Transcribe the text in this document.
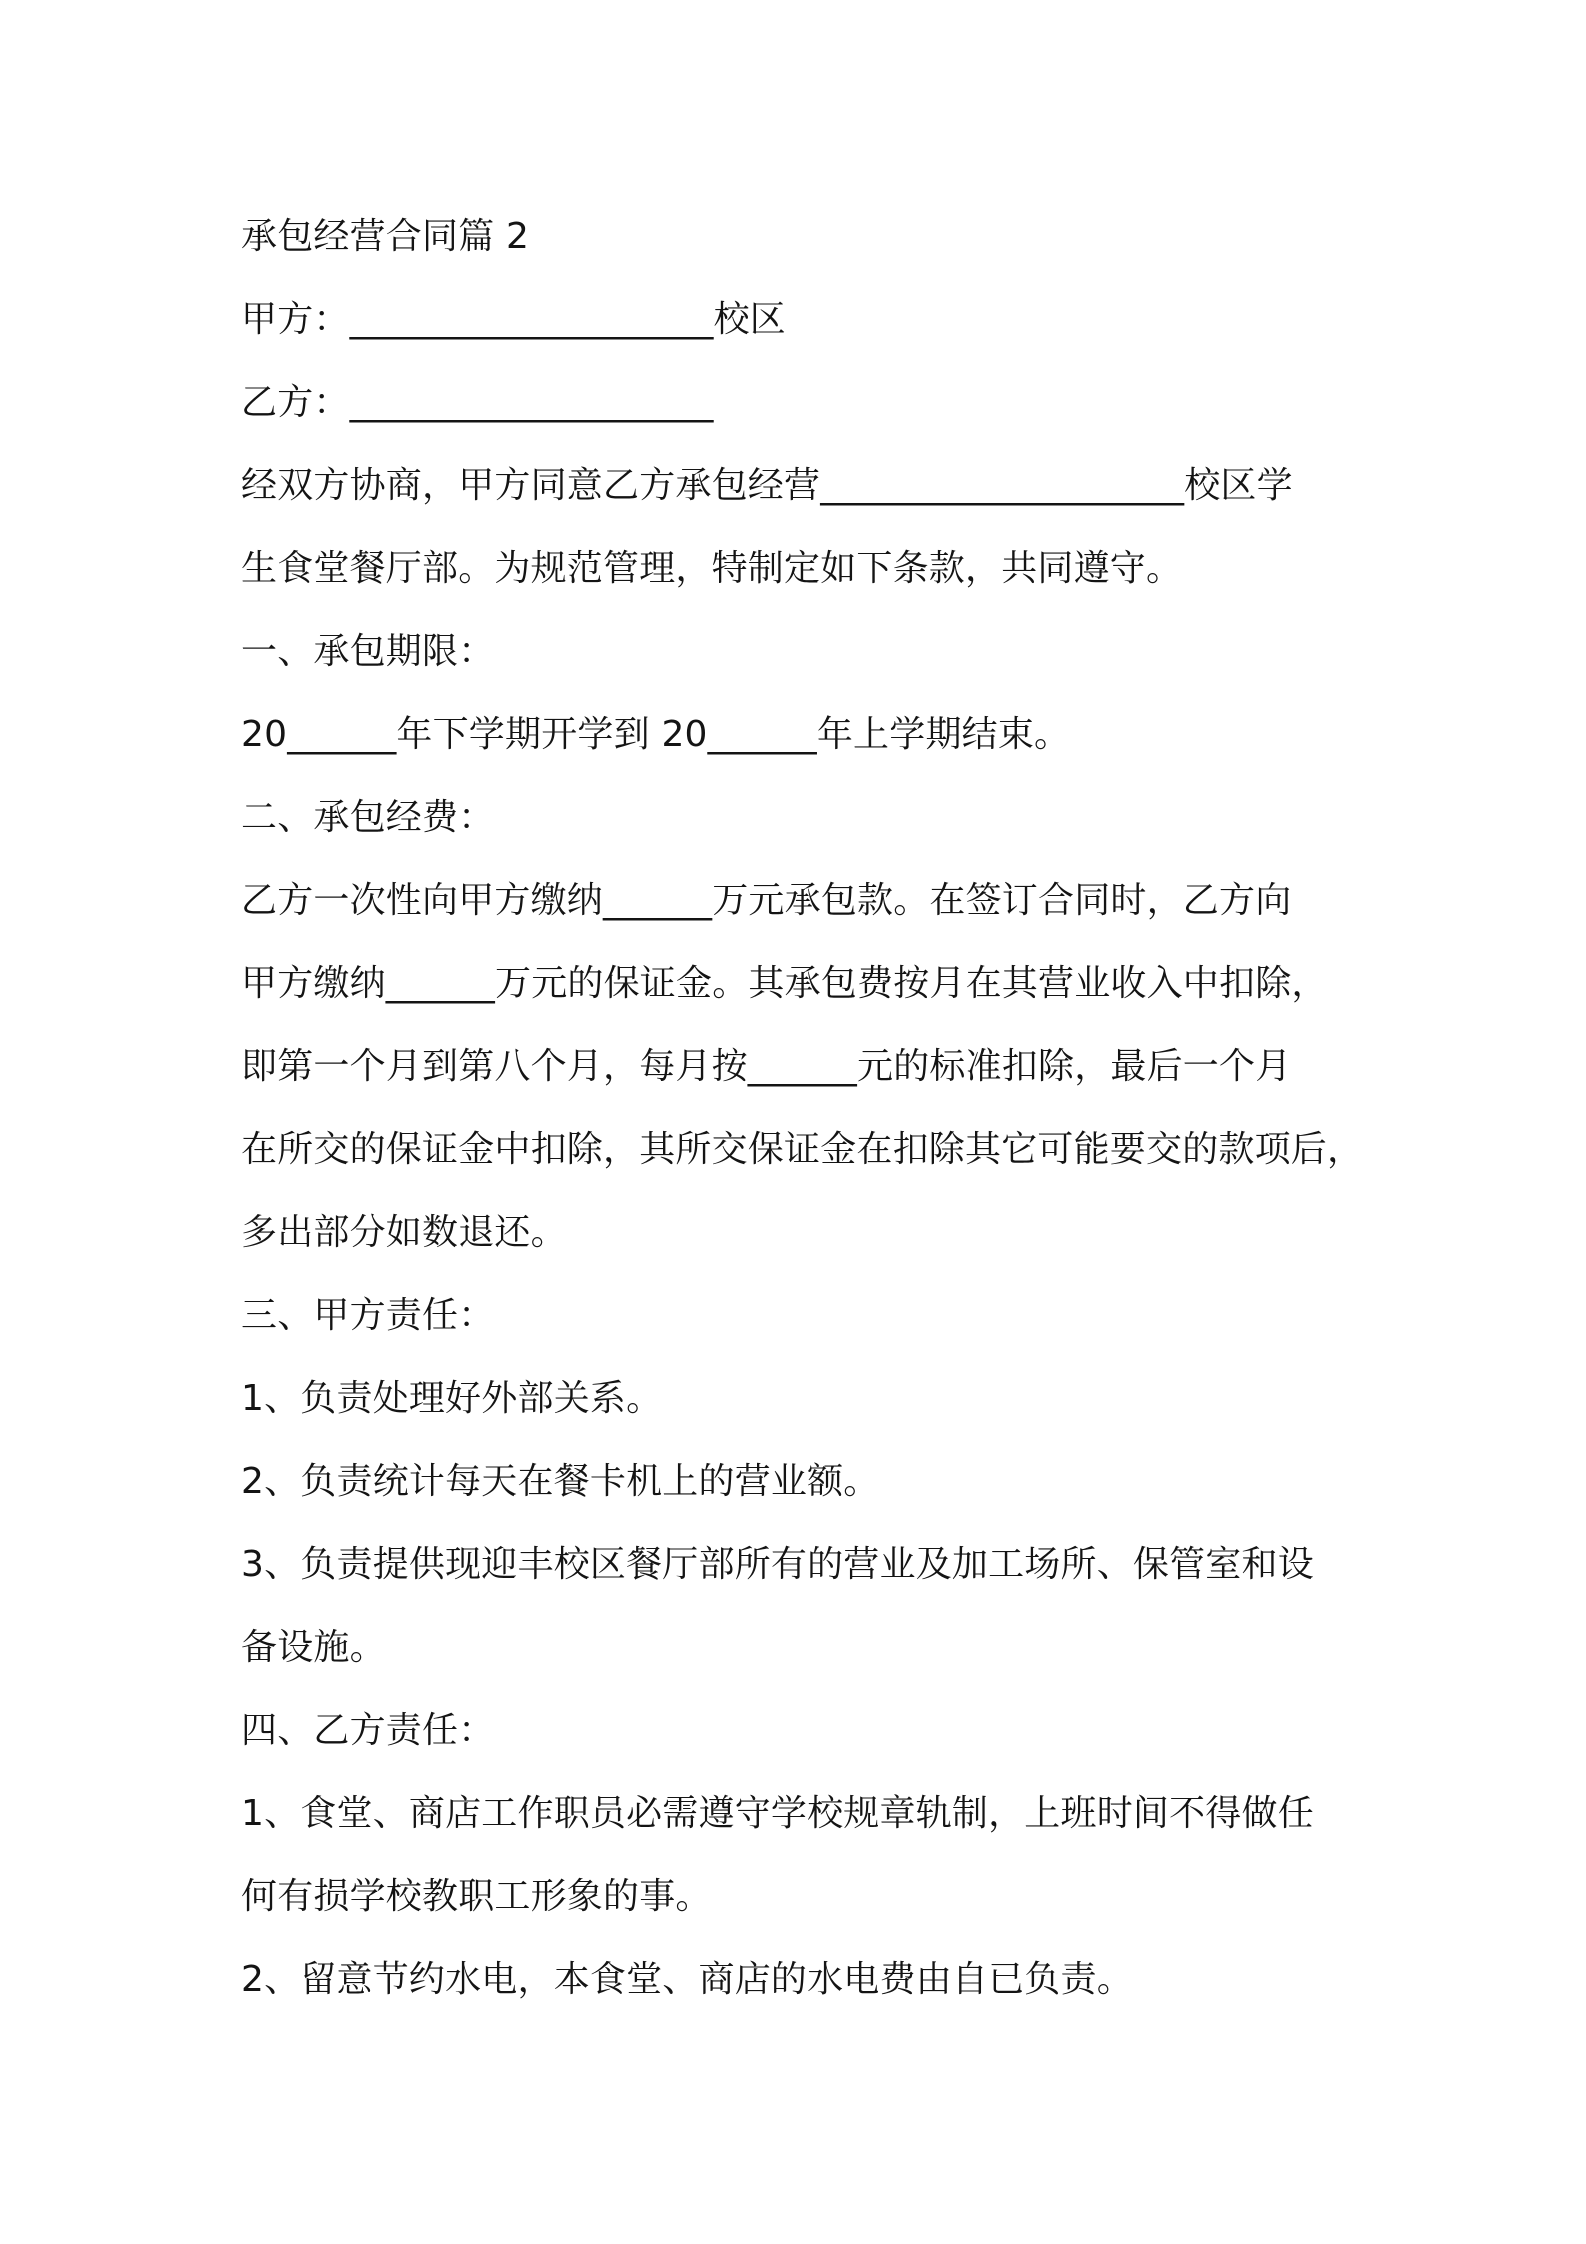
承包经营合同篇 2
甲方：____________________校区
乙方：____________________
经双方协商，甲方同意乙方承包经营____________________校区学
生食堂餐厅部。为规范管理，特制定如下条款，共同遵守。
一、承包期限：
20______年下学期开学到 20______年上学期结束。
二、承包经费：
乙方一次性向甲方缴纳______万元承包款。在签订合同时，乙方向
甲方缴纳______万元的保证金。其承包费按月在其营业收入中扣除，
即第一个月到第八个月，每月按______元的标准扣除，最后一个月
在所交的保证金中扣除，其所交保证金在扣除其它可能要交的款项后，
多出部分如数退还。
三、甲方责任：
1、负责处理好外部关系。
2、负责统计每天在餐卡机上的营业额。
3、负责提供现迎丰校区餐厅部所有的营业及加工场所、保管室和设
备设施。
四、乙方责任：
1、食堂、商店工作职员必需遵守学校规章轨制，上班时间不得做任
何有损学校教职工形象的事。
2、留意节约水电，本食堂、商店的水电费由自已负责。
